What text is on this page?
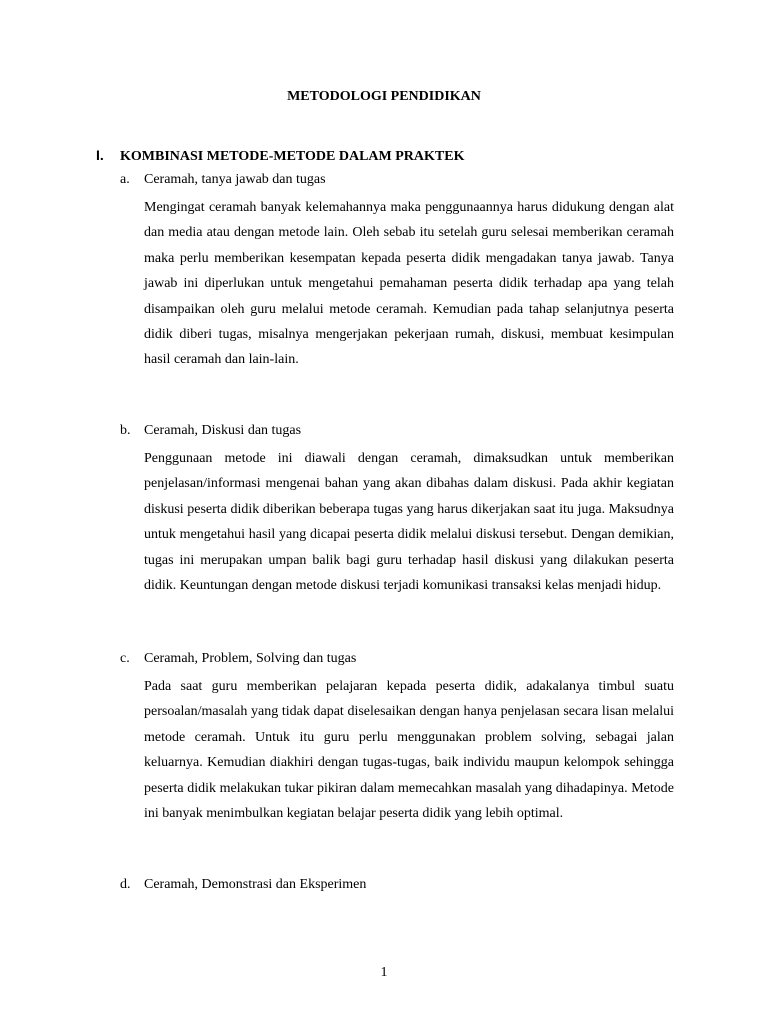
METODOLOGI PENDIDIKAN
I. KOMBINASI METODE-METODE DALAM PRAKTEK
a. Ceramah, tanya jawab dan tugas
Mengingat ceramah banyak kelemahannya maka penggunaannya harus didukung dengan alat dan media atau dengan metode lain. Oleh sebab itu setelah guru selesai memberikan ceramah maka perlu memberikan kesempatan kepada peserta didik mengadakan tanya jawab. Tanya jawab ini diperlukan untuk mengetahui pemahaman peserta didik terhadap apa yang telah disampaikan oleh guru melalui metode ceramah. Kemudian pada tahap selanjutnya peserta didik diberi tugas, misalnya mengerjakan pekerjaan rumah, diskusi, membuat kesimpulan hasil ceramah dan lain-lain.
b. Ceramah, Diskusi dan tugas
Penggunaan metode ini diawali dengan ceramah, dimaksudkan untuk memberikan penjelasan/informasi mengenai bahan yang akan dibahas dalam diskusi. Pada akhir kegiatan diskusi peserta didik diberikan beberapa tugas yang harus dikerjakan saat itu juga. Maksudnya untuk mengetahui hasil yang dicapai peserta didik melalui diskusi tersebut. Dengan demikian, tugas ini merupakan umpan balik bagi guru terhadap hasil diskusi yang dilakukan peserta didik. Keuntungan dengan metode diskusi terjadi komunikasi transaksi kelas menjadi hidup.
c. Ceramah, Problem, Solving dan tugas
Pada saat guru memberikan pelajaran kepada peserta didik, adakalanya timbul suatu persoalan/masalah yang tidak dapat diselesaikan dengan hanya penjelasan secara lisan melalui metode ceramah. Untuk itu guru perlu menggunakan problem solving, sebagai jalan keluarnya. Kemudian diakhiri dengan tugas-tugas, baik individu maupun kelompok sehingga peserta didik melakukan tukar pikiran dalam memecahkan masalah yang dihadapinya. Metode ini banyak menimbulkan kegiatan belajar peserta didik yang lebih optimal.
d. Ceramah, Demonstrasi dan Eksperimen
1
